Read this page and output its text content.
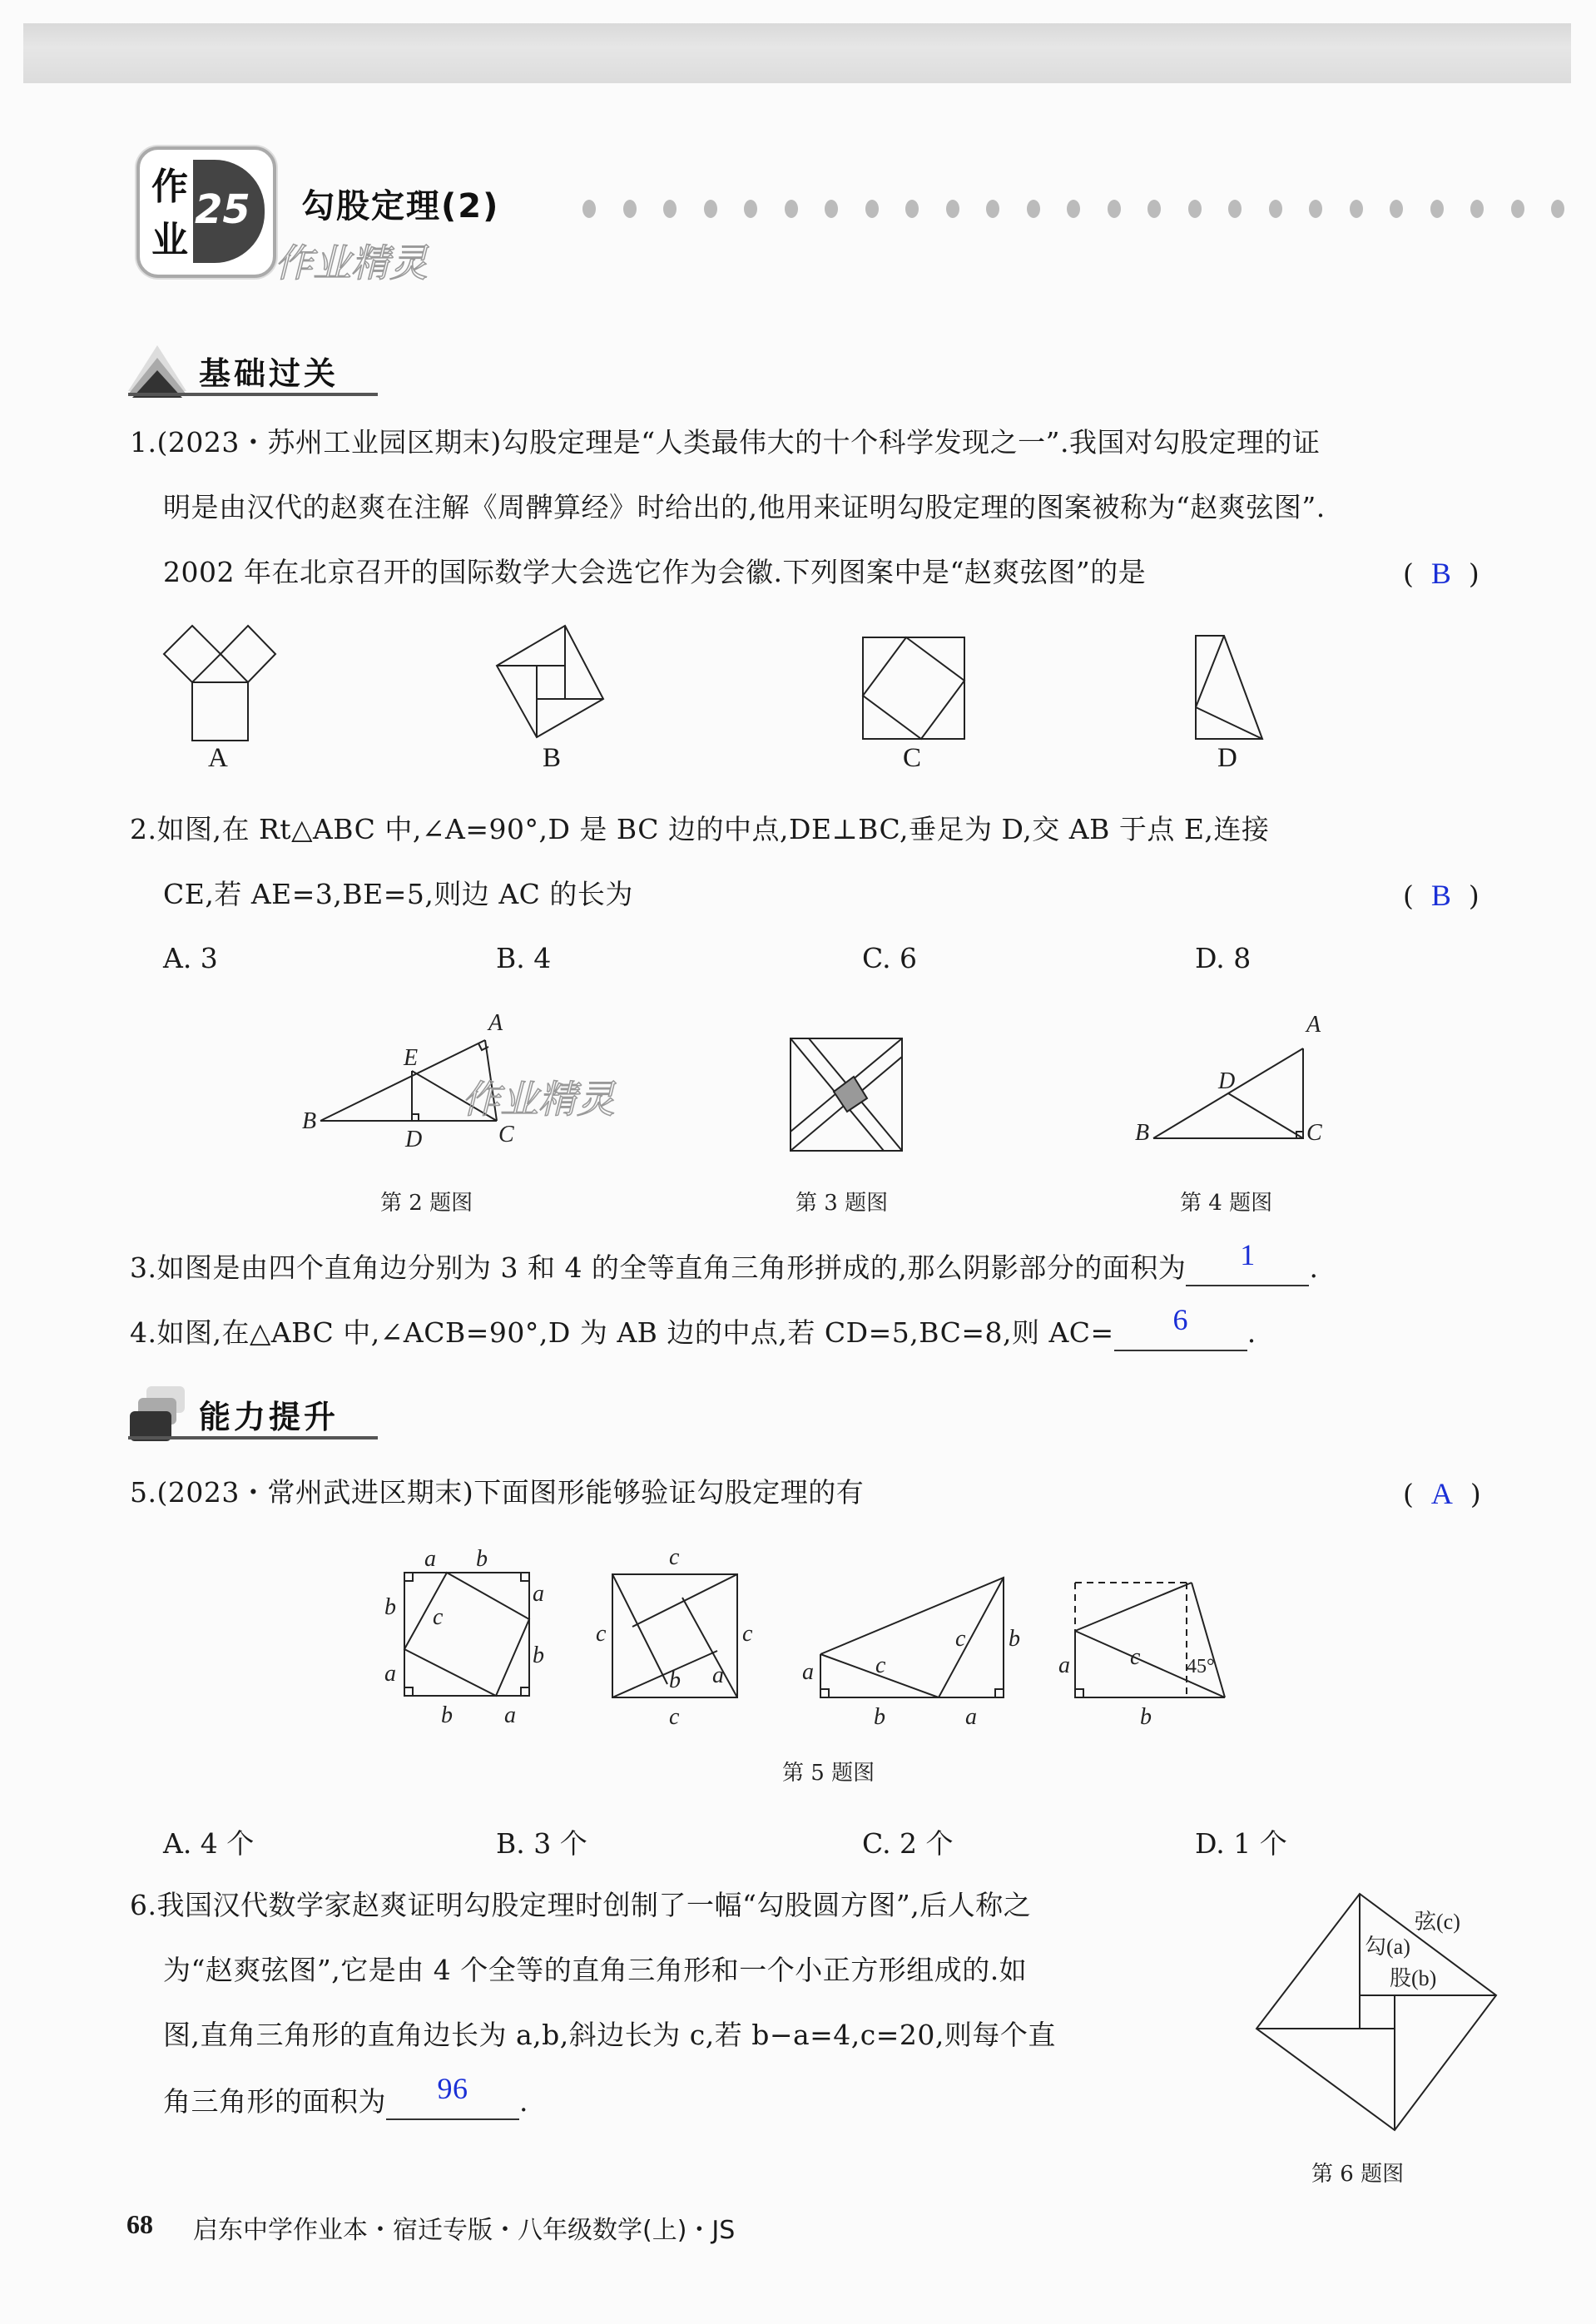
作
业
25 勾股定理(2)
作业精灵
基础过关
1.(2023・苏州工业园区期末)勾股定理是“人类最伟大的十个科学发现之一”.我国对勾股定理的证
明是由汉代的赵爽在注解《周髀算经》时给出的,他用来证明勾股定理的图案被称为“赵爽弦图”.
2002 年在北京召开的国际数学大会选它作为会徽.下列图案中是“赵爽弦图”的是	(  B  )
A	B	C	D
2.如图,在 Rt△ABC 中,∠A=90°,D 是 BC 边的中点,DE⊥BC,垂足为 D,交 AB 于点 E,连接
CE,若 AE=3,BE=5,则边 AC 的长为	(  B  )
A. 3	B. 4	C. 6	D. 8
A
B
C
D
E
作业精灵
第 2 题图	第 3 题图
A
B	C
D
第 4 题图
3.如图是由四个直角边分别为 3 和 4 的全等直角三角形拼成的,那么阴影部分的面积为 1 .
4.如图,在△ABC 中,∠ACB=90°,D 为 AB 边的中点,若 CD=5,BC=8,则 AC= 6 .
能力提升
5.(2023・常州武进区期末)下面图形能够验证勾股定理的有	(  A  )
a b
b
a
c
b
a
b a
c
c	c
c
b a	a	c
c b
b	a
a	c
b
45°
第 5 题图
A. 4 个	B. 3 个	C. 2 个	D. 1 个
6.我国汉代数学家赵爽证明勾股定理时创制了一幅“勾股圆方图”,后人称之
为“赵爽弦图”,它是由 4 个全等的直角三角形和一个小正方形组成的.如
图,直角三角形的直角边长为 a,b,斜边长为 c,若 b−a=4,c=20,则每个直
角三角形的面积为 96 .
弦(c)
勾(a)
股(b)
第 6 题图
68 启东中学作业本・宿迁专版・八年级数学(上)・JS
